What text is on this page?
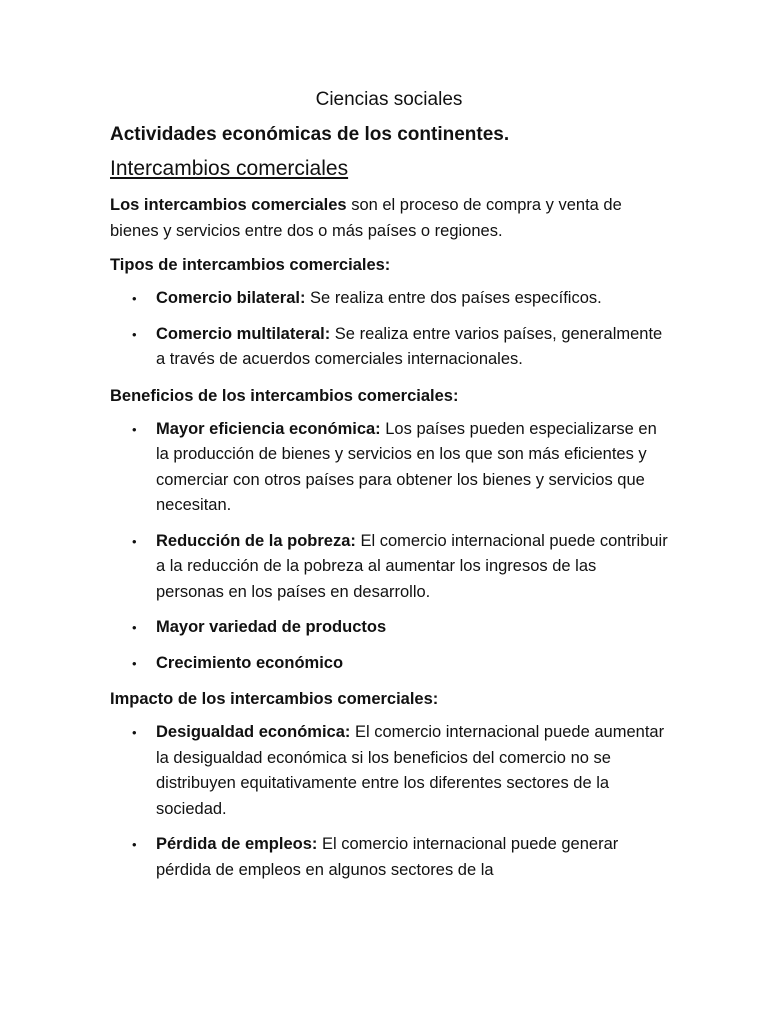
Ciencias sociales
Actividades económicas de los continentes.
Intercambios comerciales

Los intercambios comerciales son el proceso de compra y venta de bienes y servicios entre dos o más países o regiones.

Tipos de intercambios comerciales:

• Comercio bilateral: Se realiza entre dos países específicos.
• Comercio multilateral: Se realiza entre varios países, generalmente a través de acuerdos comerciales internacionales.

Beneficios de los intercambios comerciales:

• Mayor eficiencia económica: Los países pueden especializarse en la producción de bienes y servicios en los que son más eficientes y comerciar con otros países para obtener los bienes y servicios que necesitan.
• Reducción de la pobreza: El comercio internacional puede contribuir a la reducción de la pobreza al aumentar los ingresos de las personas en los países en desarrollo.
• Mayor variedad de productos
• Crecimiento económico

Impacto de los intercambios comerciales:

• Desigualdad económica: El comercio internacional puede aumentar la desigualdad económica si los beneficios del comercio no se distribuyen equitativamente entre los diferentes sectores de la sociedad.
• Pérdida de empleos: El comercio internacional puede generar pérdida de empleos en algunos sectores de la
